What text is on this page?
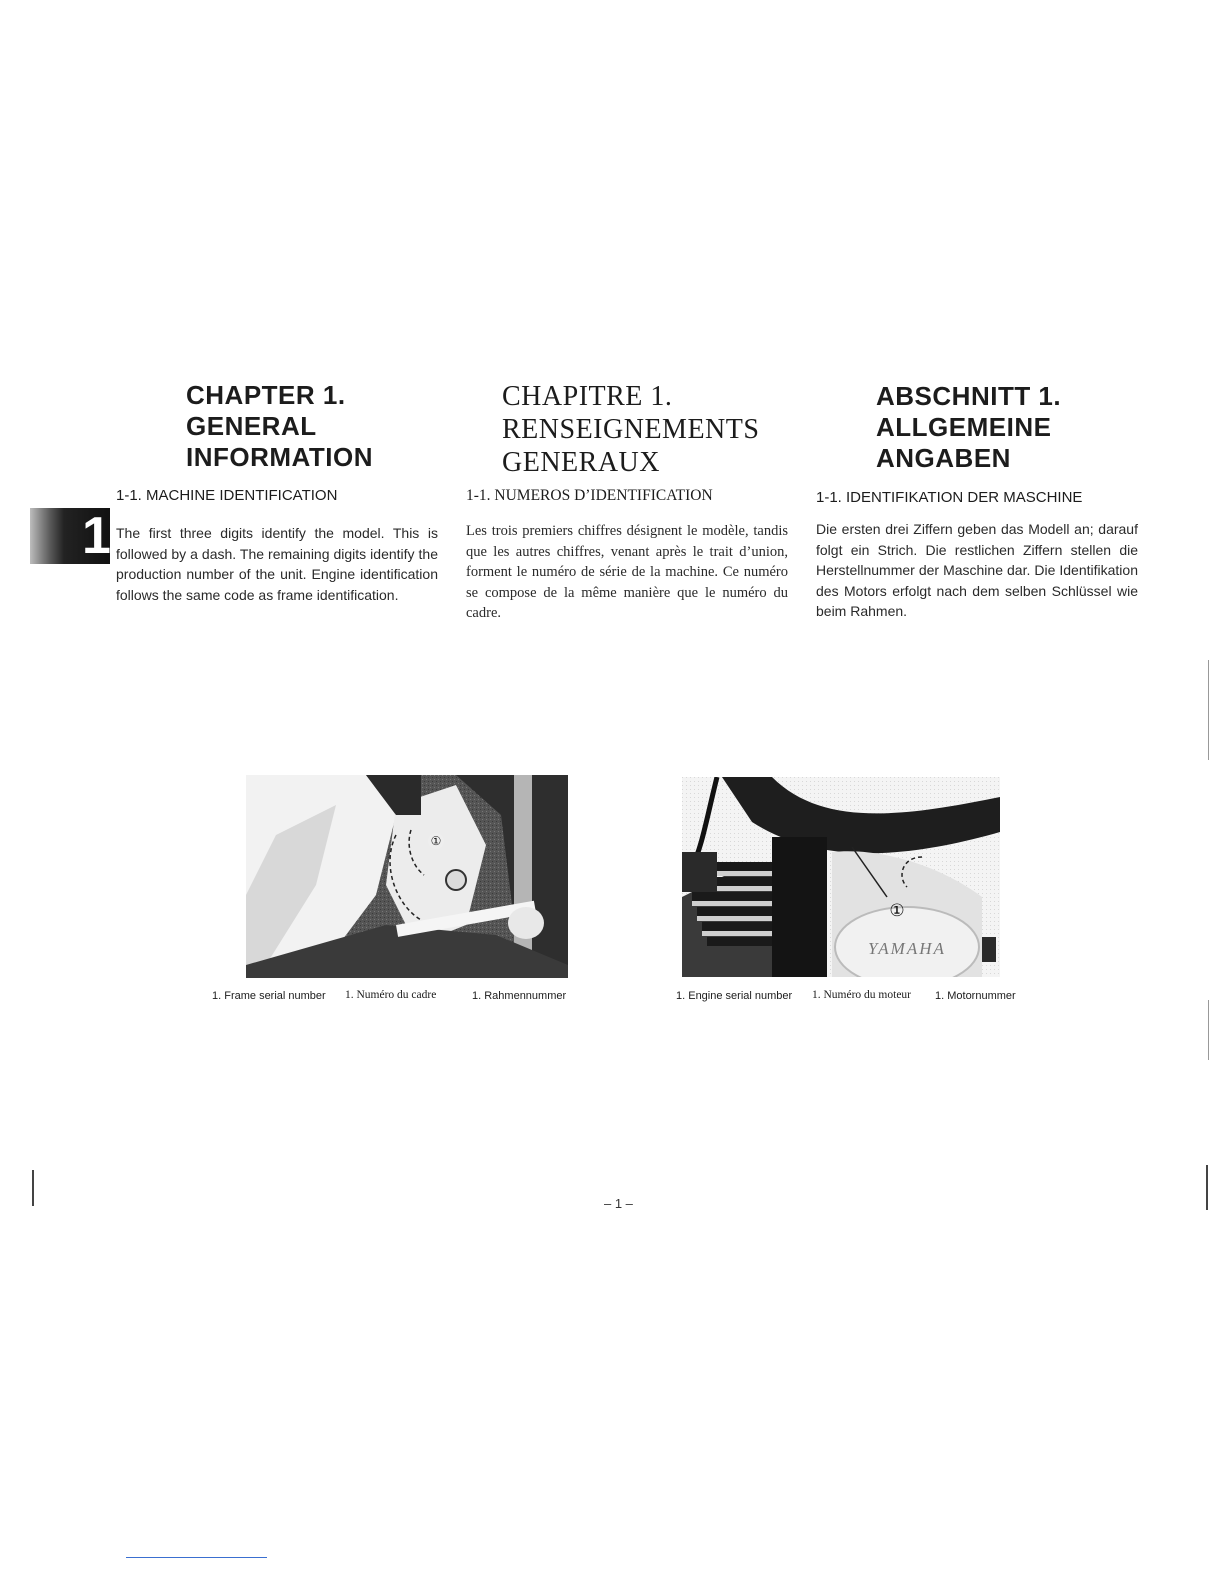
1
CHAPTER 1.
GENERAL
INFORMATION
1-1. MACHINE IDENTIFICATION
The first three digits identify the model. This is followed by a dash. The remaining digits identify the production number of the unit. Engine identification follows the same code as frame identification.
CHAPITRE 1.
RENSEIGNEMENTS
GENERAUX
1-1. NUMEROS D’IDENTIFICATION
Les trois premiers chiffres désignent le modèle, tandis que les autres chiffres, venant après le trait d’union, forment le numéro de série de la machine. Ce numéro se compose de la même manière que le numéro du cadre.
ABSCHNITT 1.
ALLGEMEINE
ANGABEN
1-1. IDENTIFIKATION DER MASCHINE
Die ersten drei Ziffern geben das Modell an; darauf folgt ein Strich. Die restlichen Ziffern stellen die Herstellnummer der Maschine dar. Die Identifikation des Motors erfolgt nach dem selben Schlüssel wie beim Rahmen.
①
1. Frame serial number 1. Numéro du cadre	1. Rahmennummer
①
YAMAHA
1. Engine serial number 1. Numéro du moteur 1. Motornummer
– 1 –
